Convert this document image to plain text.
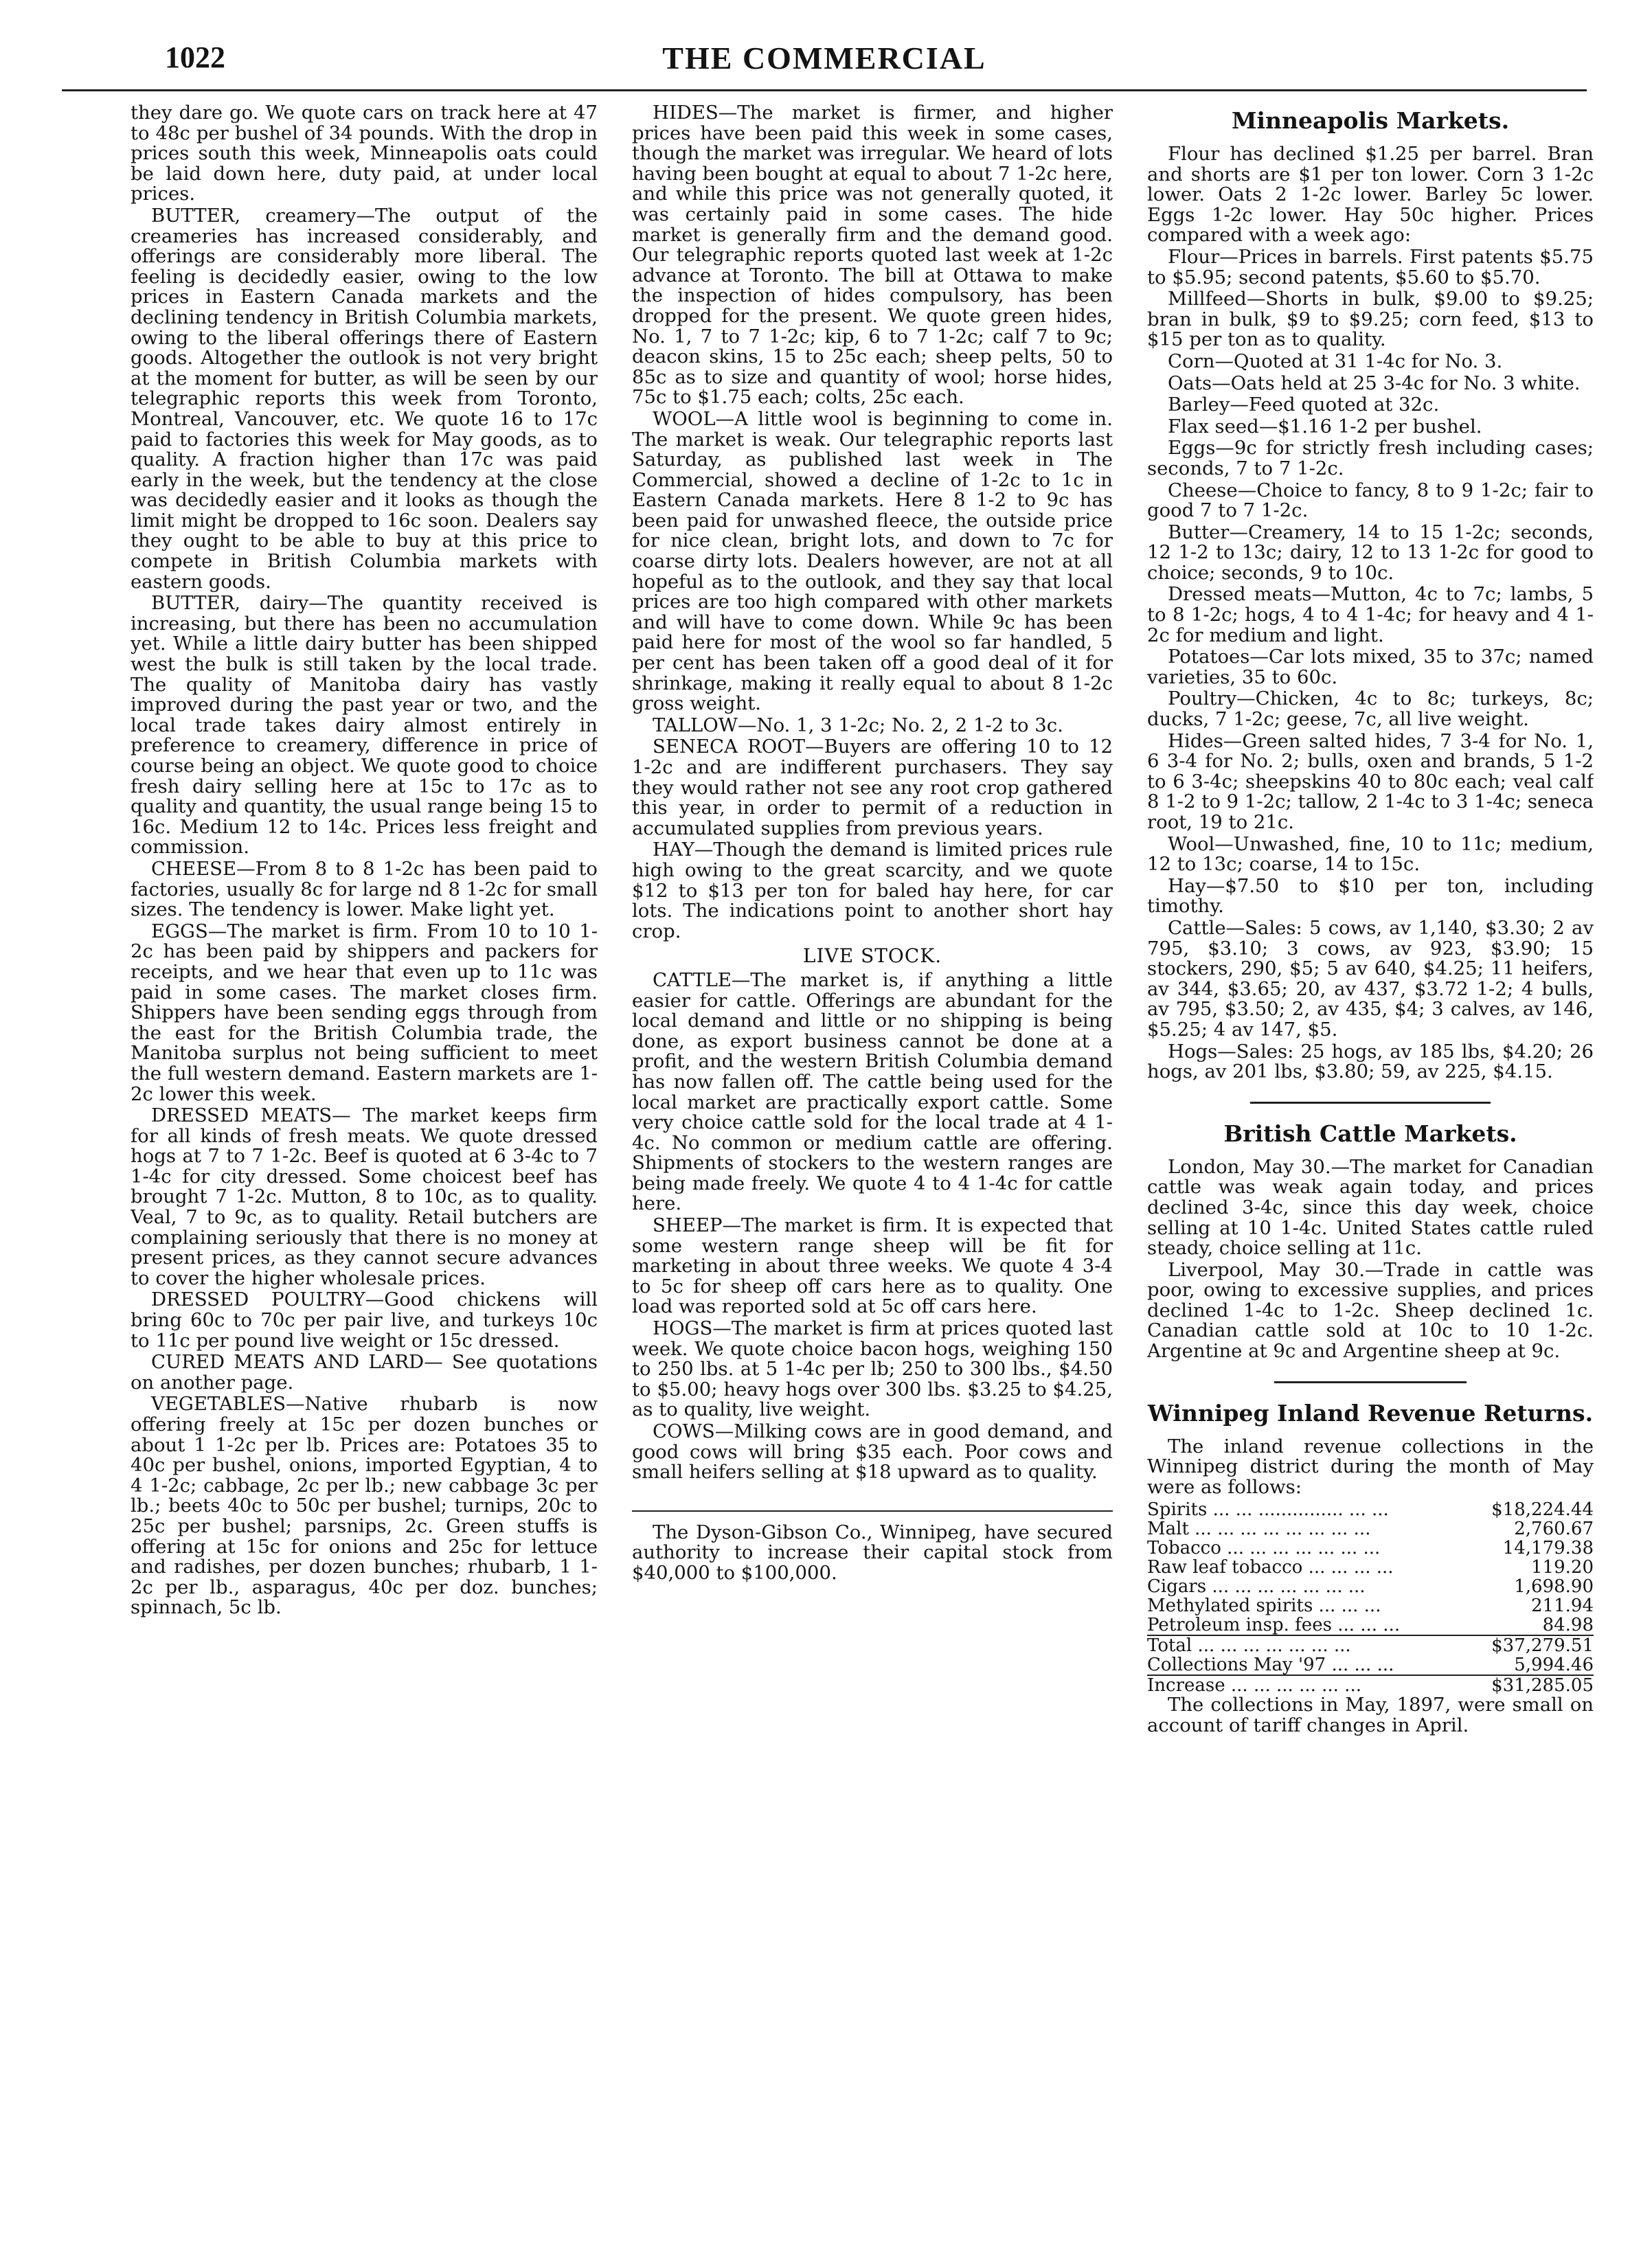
1022	THE COMMERCIAL

they dare go. We quote cars on track here at 47 to 48c per bushel of 34 pounds. With the drop in prices south this week, Minneapolis oats could be laid down here, duty paid, at under local prices.

BUTTER, creamery—The output of the creameries has increased considerably, and offerings are considerably more liberal. The feeling is decidedly easier, owing to the low prices in Eastern Canada markets and the declining tendency in British Columbia markets, owing to the liberal offerings there of Eastern goods. Altogether the outlook is not very bright at the moment for butter, as will be seen by our telegraphic reports this week from Toronto, Montreal, Vancouver, etc. We quote 16 to 17c paid to factories this week for May goods, as to quality. A fraction higher than 17c was paid early in the week, but the tendency at the close was decidedly easier and it looks as though the limit might be dropped to 16c soon. Dealers say they ought to be able to buy at this price to compete in British Columbia markets with eastern goods.

BUTTER, dairy—The quantity received is increasing, but there has been no accumulation yet. While a little dairy butter has been shipped west the bulk is still taken by the local trade. The quality of Manitoba dairy has vastly improved during the past year or two, and the local trade takes dairy almost entirely in preference to creamery, difference in price of course being an object. We quote good to choice fresh dairy selling here at 15c to 17c as to quality and quantity, the usual range being 15 to 16c. Medium 12 to 14c. Prices less freight and commission.

CHEESE—From 8 to 8 1-2c has been paid to factories, usually 8c for large nd 8 1-2c for small sizes. The tendency is lower. Make light yet.

EGGS—The market is firm. From 10 to 10 1-2c has been paid by shippers and packers for receipts, and we hear that even up to 11c was paid in some cases. The market closes firm. Shippers have been sending eggs through from the east for the British Columbia trade, the Manitoba surplus not being sufficient to meet the full western demand. Eastern markets are 1-2c lower this week.

DRESSED MEATS— The market keeps firm for all kinds of fresh meats. We quote dressed hogs at 7 to 7 1-2c. Beef is quoted at 6 3-4c to 7 1-4c for city dressed. Some choicest beef has brought 7 1-2c. Mutton, 8 to 10c, as to quality. Veal, 7 to 9c, as to quality. Retail butchers are complaining seriously that there is no money at present prices, as they cannot secure advances to cover the higher wholesale prices.

DRESSED POULTRY—Good chickens will bring 60c to 70c per pair live, and turkeys 10c to 11c per pound live weight or 15c dressed.

CURED MEATS AND LARD— See quotations on another page.

VEGETABLES—Native rhubarb is now offering freely at 15c per dozen bunches or about 1 1-2c per lb. Prices are: Potatoes 35 to 40c per bushel, onions, imported Egyptian, 4 to 4 1-2c; cabbage, 2c per lb.; new cabbage 3c per lb.; beets 40c to 50c per bushel; turnips, 20c to 25c per bushel; parsnips, 2c. Green stuffs is offering at 15c for onions and 25c for lettuce and radishes, per dozen bunches; rhubarb, 1 1-2c per lb., asparagus, 40c per doz. bunches; spinnach, 5c lb.

HIDES—The market is firmer, and higher prices have been paid this week in some cases, though the market was irregular. We heard of lots having been bought at equal to about 7 1-2c here, and while this price was not generally quoted, it was certainly paid in some cases. The hide market is generally firm and the demand good. Our telegraphic reports quoted last week at 1-2c advance at Toronto. The bill at Ottawa to make the inspection of hides compulsory, has been dropped for the present. We quote green hides, No. 1, 7 to 7 1-2c; kip, 6 to 7 1-2c; calf 7 to 9c; deacon skins, 15 to 25c each; sheep pelts, 50 to 85c as to size and quantity of wool; horse hides, 75c to $1.75 each; colts, 25c each.

WOOL—A little wool is beginning to come in. The market is weak. Our telegraphic reports last Saturday, as published last week in The Commercial, showed a decline of 1-2c to 1c in Eastern Canada markets. Here 8 1-2 to 9c has been paid for unwashed fleece, the outside price for nice clean, bright lots, and down to 7c for coarse dirty lots. Dealers however, are not at all hopeful as to the outlook, and they say that local prices are too high compared with other markets and will have to come down. While 9c has been paid here for most of the wool so far handled, 5 per cent has been taken off a good deal of it for shrinkage, making it really equal to about 8 1-2c gross weight.

TALLOW—No. 1, 3 1-2c; No. 2, 2 1-2 to 3c.

SENECA ROOT—Buyers are offering 10 to 12 1-2c and are indifferent purchasers. They say they would rather not see any root crop gathered this year, in order to permit of a reduction in accumulated supplies from previous years.

HAY—Though the demand is limited prices rule high owing to the great scarcity, and we quote $12 to $13 per ton for baled hay here, for car lots. The indications point to another short hay crop.

LIVE STOCK.

CATTLE—The market is, if anything a little easier for cattle. Offerings are abundant for the local demand and little or no shipping is being done, as export business cannot be done at a profit, and the western British Columbia demand has now fallen off. The cattle being used for the local market are practically export cattle. Some very choice cattle sold for the local trade at 4 1-4c. No common or medium cattle are offering. Shipments of stockers to the western ranges are being made freely. We quote 4 to 4 1-4c for cattle here.

SHEEP—The market is firm. It is expected that some western range sheep will be fit for marketing in about three weeks. We quote 4 3-4 to 5c for sheep off cars here as to quality. One load was reported sold at 5c off cars here.

HOGS—The market is firm at prices quoted last week. We quote choice bacon hogs, weighing 150 to 250 lbs. at 5 1-4c per lb; 250 to 300 lbs., $4.50 to $5.00; heavy hogs over 300 lbs. $3.25 to $4.25, as to quality, live weight.

COWS—Milking cows are in good demand, and good cows will bring $35 each. Poor cows and small heifers selling at $18 upward as to quality.

The Dyson-Gibson Co., Winnipeg, have secured authority to increase their capital stock from $40,000 to $100,000.

Minneapolis Markets.

Flour has declined $1.25 per barrel. Bran and shorts are $1 per ton lower. Corn 3 1-2c lower. Oats 2 1-2c lower. Barley 5c lower. Eggs 1-2c lower. Hay 50c higher. Prices compared with a week ago:

Flour—Prices in barrels. First patents $5.75 to $5.95; second patents, $5.60 to $5.70.

Millfeed—Shorts in bulk, $9.00 to $9.25; bran in bulk, $9 to $9.25; corn feed, $13 to $15 per ton as to quality.

Corn—Quoted at 31 1-4c for No. 3.

Oats—Oats held at 25 3-4c for No. 3 white.

Barley—Feed quoted at 32c.

Flax seed—$1.16 1-2 per bushel.

Eggs—9c for strictly fresh including cases; seconds, 7 to 7 1-2c.

Cheese—Choice to fancy, 8 to 9 1-2c; fair to good 7 to 7 1-2c.

Butter—Creamery, 14 to 15 1-2c; seconds, 12 1-2 to 13c; dairy, 12 to 13 1-2c for good to choice; seconds, 9 to 10c.

Dressed meats—Mutton, 4c to 7c; lambs, 5 to 8 1-2c; hogs, 4 to 4 1-4c; for heavy and 4 1-2c for medium and light.

Potatoes—Car lots mixed, 35 to 37c; named varieties, 35 to 60c.

Poultry—Chicken, 4c to 8c; turkeys, 8c; ducks, 7 1-2c; geese, 7c, all live weight.

Hides—Green salted hides, 7 3-4 for No. 1, 6 3-4 for No. 2; bulls, oxen and brands, 5 1-2 to 6 3-4c; sheepskins 40 to 80c each; veal calf 8 1-2 to 9 1-2c; tallow, 2 1-4c to 3 1-4c; seneca root, 19 to 21c.

Wool—Unwashed, fine, 10 to 11c; medium, 12 to 13c; coarse, 14 to 15c.

Hay—$7.50 to $10 per ton, including timothy.

Cattle—Sales: 5 cows, av 1,140, $3.30; 2 av 795, $3.10; 3 cows, av 923, $3.90; 15 stockers, 290, $5; 5 av 640, $4.25; 11 heifers, av 344, $3.65; 20, av 437, $3.72 1-2; 4 bulls, av 795, $3.50; 2, av 435, $4; 3 calves, av 146, $5.25; 4 av 147, $5.

Hogs—Sales: 25 hogs, av 185 lbs, $4.20; 26 hogs, av 201 lbs, $3.80; 59, av 225, $4.15.

British Cattle Markets.

London, May 30.—The market for Canadian cattle was weak again today, and prices declined 3-4c, since this day week, choice selling at 10 1-4c. United States cattle ruled steady, choice selling at 11c.

Liverpool, May 30.—Trade in cattle was poor, owing to excessive supplies, and prices declined 1-4c to 1-2c. Sheep declined 1c. Canadian cattle sold at 10c to 10 1-2c. Argentine at 9c and Argentine sheep at 9c.

Winnipeg Inland Revenue Returns.

The inland revenue collections in the Winnipeg district during the month of May were as follows:

Spirits ... ... ............... ... ...	$18,224.44
Malt ... ... ... ... ... ... ... ...	2,760.67
Tobacco ... ... ... ... ... ... ...	14,179.38
Raw leaf tobacco ... ... ... ...	119.20
Cigars ... ... ... ... ... ... ...	1,698.90
Methylated spirits ... ... ...	211.94
Petroleum insp. fees ... ... ...	84.98
Total ... ... ... ... ... ... ...	$37,279.51
Collections May '97 ... ... ...	5,994.46
Increase ... ... ... ... ... ...	$31,285.05

The collections in May, 1897, were small on account of tariff changes in April.
